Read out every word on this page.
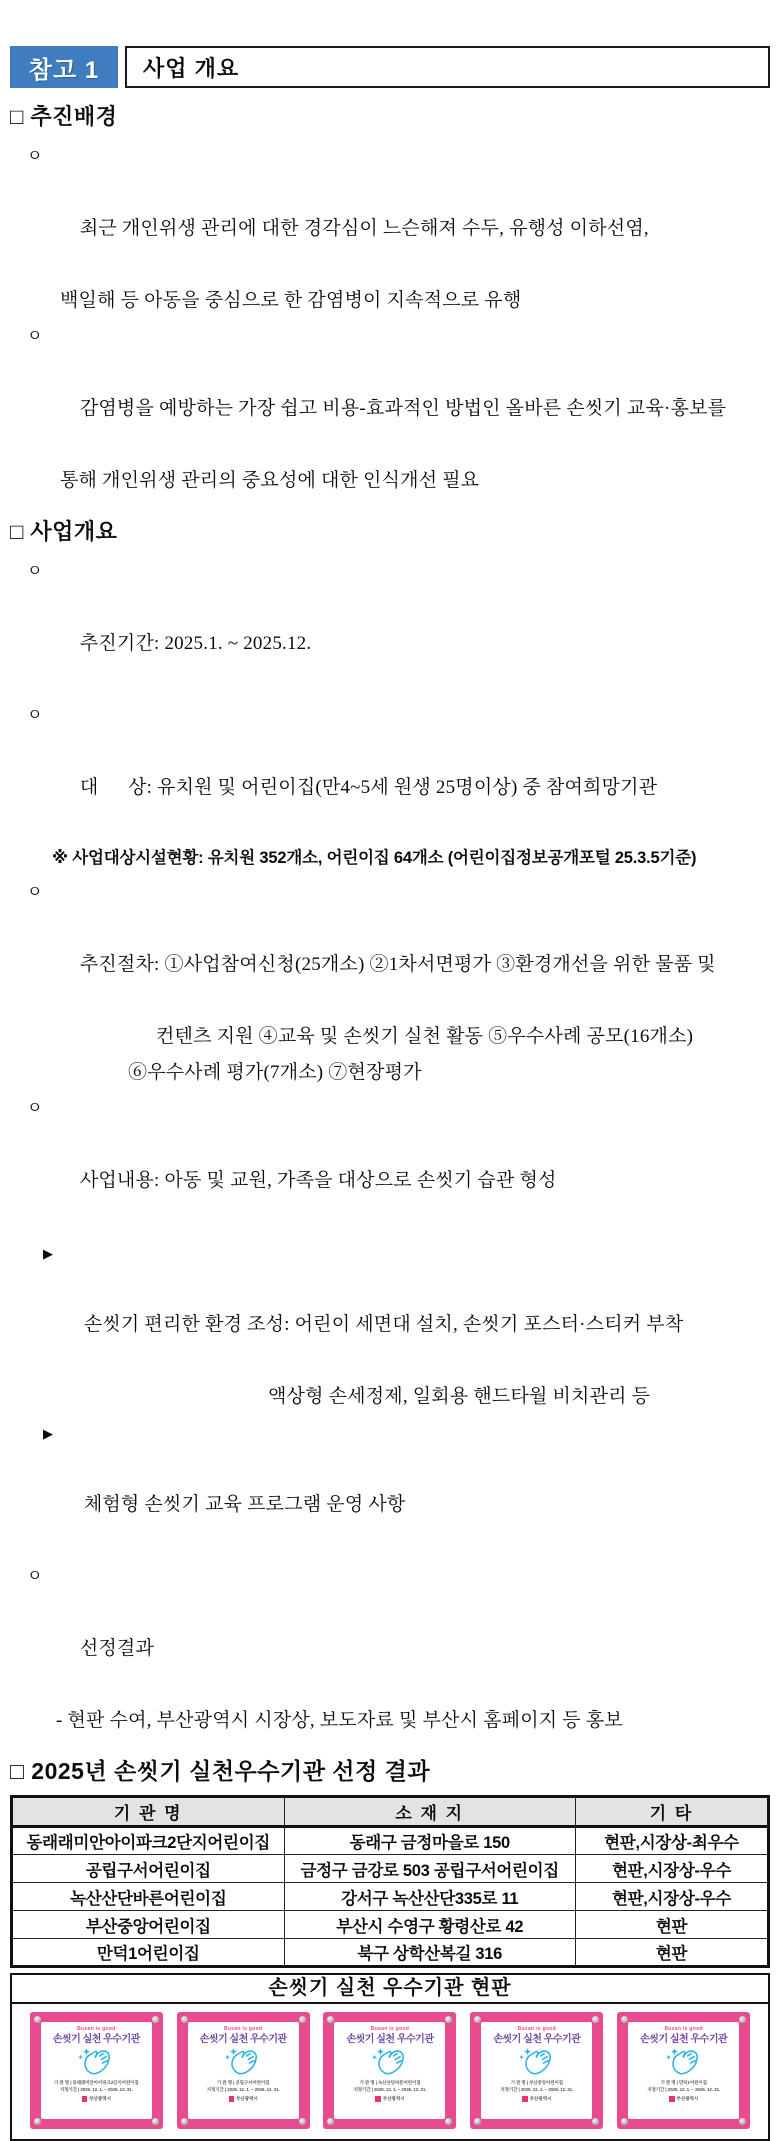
참고 1	사업 개요
□ 추진배경

ㅇ

최근 개인위생 관리에 대한 경각심이 느슨해져 수두, 유행성 이하선염,

백일해 등 아동을 중심으로 한 감염병이 지속적으로 유행

ㅇ

감염병을 예방하는 가장 쉽고 비용-효과적인 방법인 올바른 손씻기 교육·홍보를

통해 개인위생 관리의 중요성에 대한 인식개선 필요
□ 사업개요

ㅇ

추진기간: 2025.1. ~ 2025.12.

ㅇ

대      상: 유치원 및 어린이집(만4~5세 원생 25명이상) 중 참여희망기관

※ 사업대상시설현황: 유치원 352개소, 어린이집 64개소 (어린이집정보공개포털 25.3.5기준)

ㅇ

추진절차: ①사업참여신청(25개소) ②1차서면평가 ③환경개선을 위한 물품 및

컨텐츠 지원 ④교육 및 손씻기 실천 활동 ⑤우수사례 공모(16개소)
⑥우수사례 평가(7개소) ⑦현장평가

ㅇ

사업내용: 아동 및 교원, 가족을 대상으로 손씻기 습관 형성

▶

손씻기 편리한 환경 조성: 어린이 세면대 설치, 손씻기 포스터·스티커 부착

액상형 손세정제, 일회용 핸드타월 비치관리 등

▶

체험형 손씻기 교육 프로그램 운영 사항

ㅇ

선정결과

- 현판 수여, 부산광역시 시장상, 보도자료 및 부산시 홈페이지 등 홍보
□ 2025년 손씻기 실천우수기관 선정 결과
기 관 명	소 재 지	기 타
동래래미안아이파크2단지어린이집	동래구 금정마을로 150	현판,시장상-최우수
공립구서어린이집	금정구 금강로 503 공립구서어린이집	현판,시장상-우수
녹산산단바른어린이집	강서구 녹산산단335로 11	현판,시장상-우수
부산중앙어린이집	부산시 수영구 황령산로 42	현판
만덕1어린이집	북구 상학산복길 316	현판
손씻기 실천 우수기관 현판
Busan is good
손씻기 실천 우수기관
기 관 명 | 동래래미안아이파크2단지어린이집
지정기간 | 2025. 12. 1. ~ 2026. 12. 31.
부산광역시
Busan is good
손씻기 실천 우수기관
기 관 명 | 공립구서어린이집
지정기간 | 2025. 12. 1. ~ 2026. 12. 31.
부산광역시
Busan is good
손씻기 실천 우수기관
기 관 명 | 녹산산단바른어린이집
지정기간 | 2025. 12. 1. ~ 2026. 12. 31.
부산광역시
Busan is good
손씻기 실천 우수기관
기 관 명 | 부산중앙어린이집
지정기간 | 2025. 12. 1. ~ 2026. 12. 31.
부산광역시
Busan is good
손씻기 실천 우수기관
기 관 명 | 만덕1어린이집
지정기간 | 2025. 12. 1. ~ 2026. 12. 31.
부산광역시
